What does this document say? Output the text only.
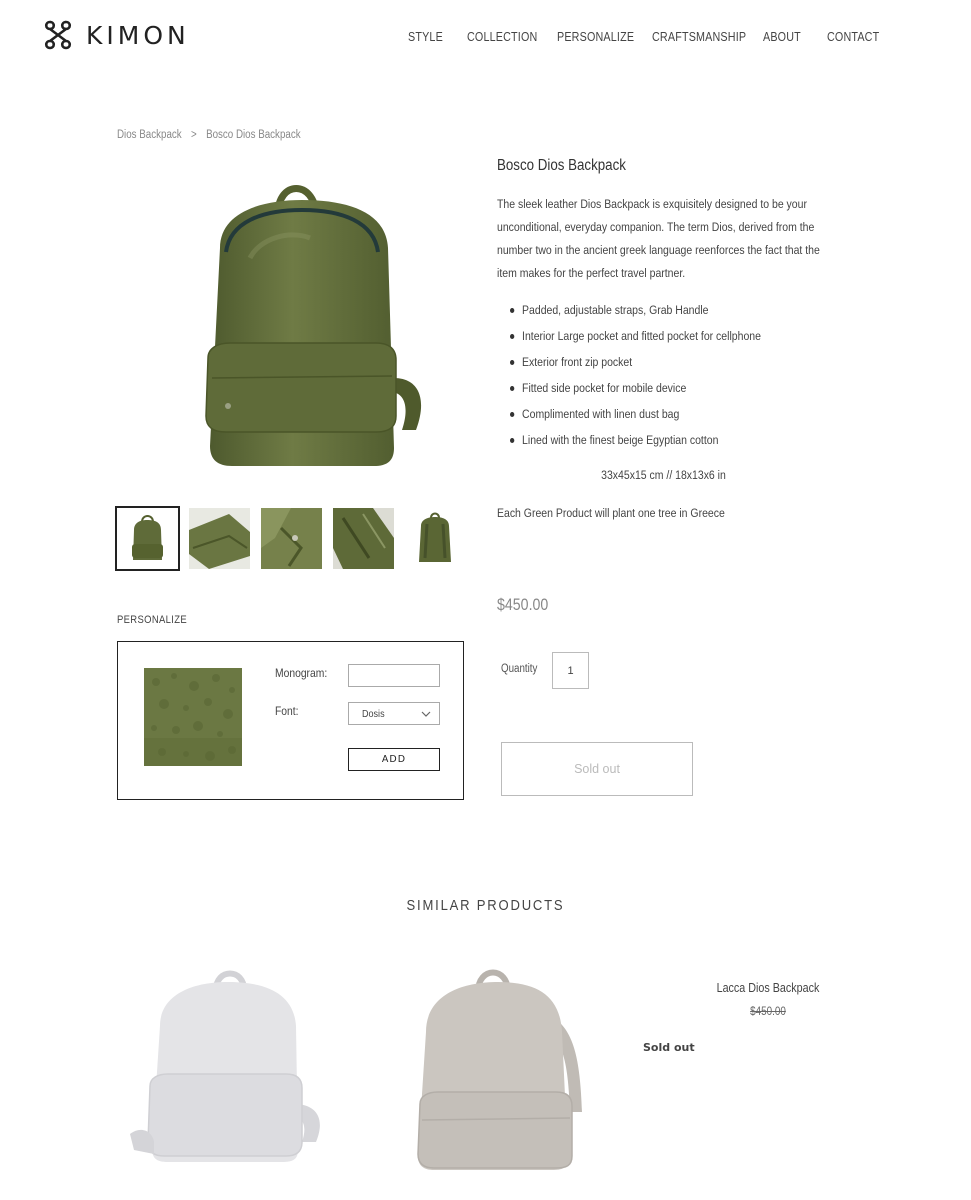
KIMON	STYLE COLLECTION PERSONALIZE CRAFTSMANSHIP ABOUT CONTACT
Dios Backpack > Bosco Dios Backpack
Bosco Dios Backpack
The sleek leather Dios Backpack is exquisitely designed to be your unconditional, everyday companion. The term Dios, derived from the number two in the ancient greek language reenforces the fact that the item makes for the perfect travel partner.
Padded, adjustable straps, Grab Handle
Interior Large pocket and fitted pocket for cellphone
Exterior front zip pocket
Fitted side pocket for mobile device
Complimented with linen dust bag
Lined with the finest beige Egyptian cotton
33x45x15 cm // 18x13x6 in
Each Green Product will plant one tree in Greece
$450.00
Quantity
1
Sold out
PERSONALIZE
Monogram:
Font:	Dosis
ADD
SIMILAR PRODUCTS
Lacca Dios Backpack
$450.00
Sold out
